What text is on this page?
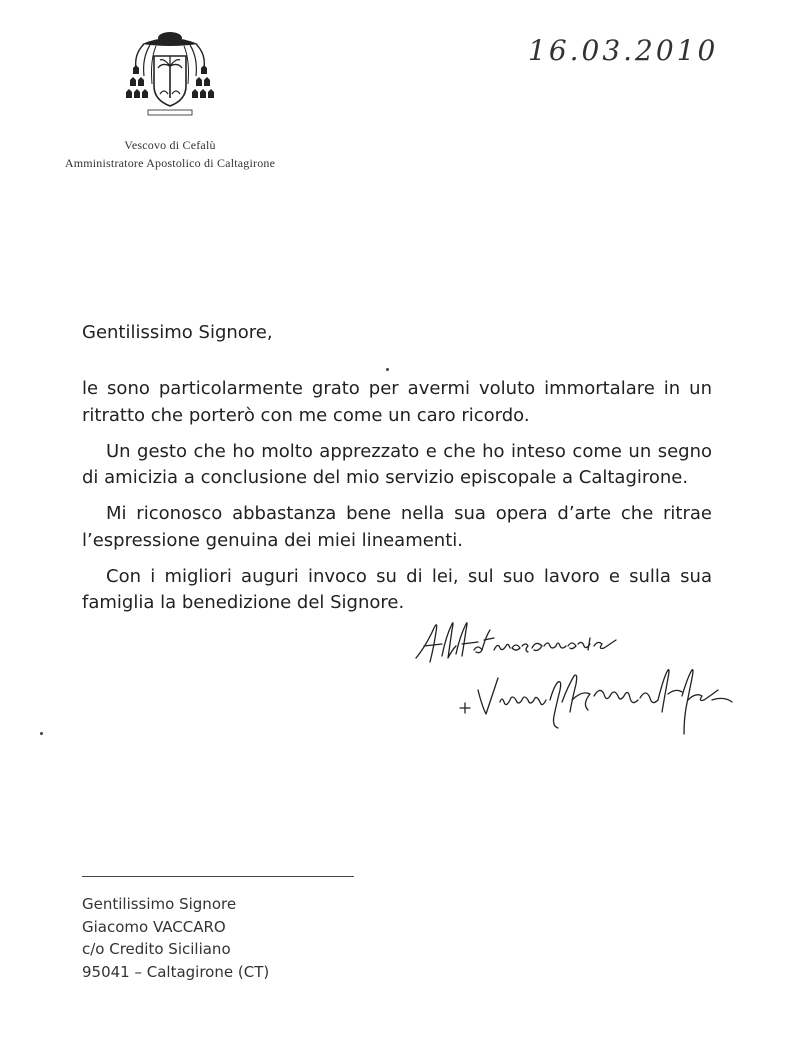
Vescovo di Cefalù
Amministratore Apostolico di Caltagirone
16.03.2010
Gentilissimo Signore,

le sono particolarmente grato per avermi voluto immortalare in un ritratto che porterò con me come un caro ricordo.

Un gesto che ho molto apprezzato e che ho inteso come un segno di amicizia a conclusione del mio servizio episcopale a Caltagirone.

Mi riconosco abbastanza bene nella sua opera d’arte che ritrae l’espressione genuina dei miei lineamenti.

Con i migliori auguri invoco su di lei, sul suo lavoro e sulla sua famiglia la benedizione del Signore.

Gentilissimo Signore
Giacomo VACCARO
c/o Credito Siciliano
95041 – Caltagirone (CT)
